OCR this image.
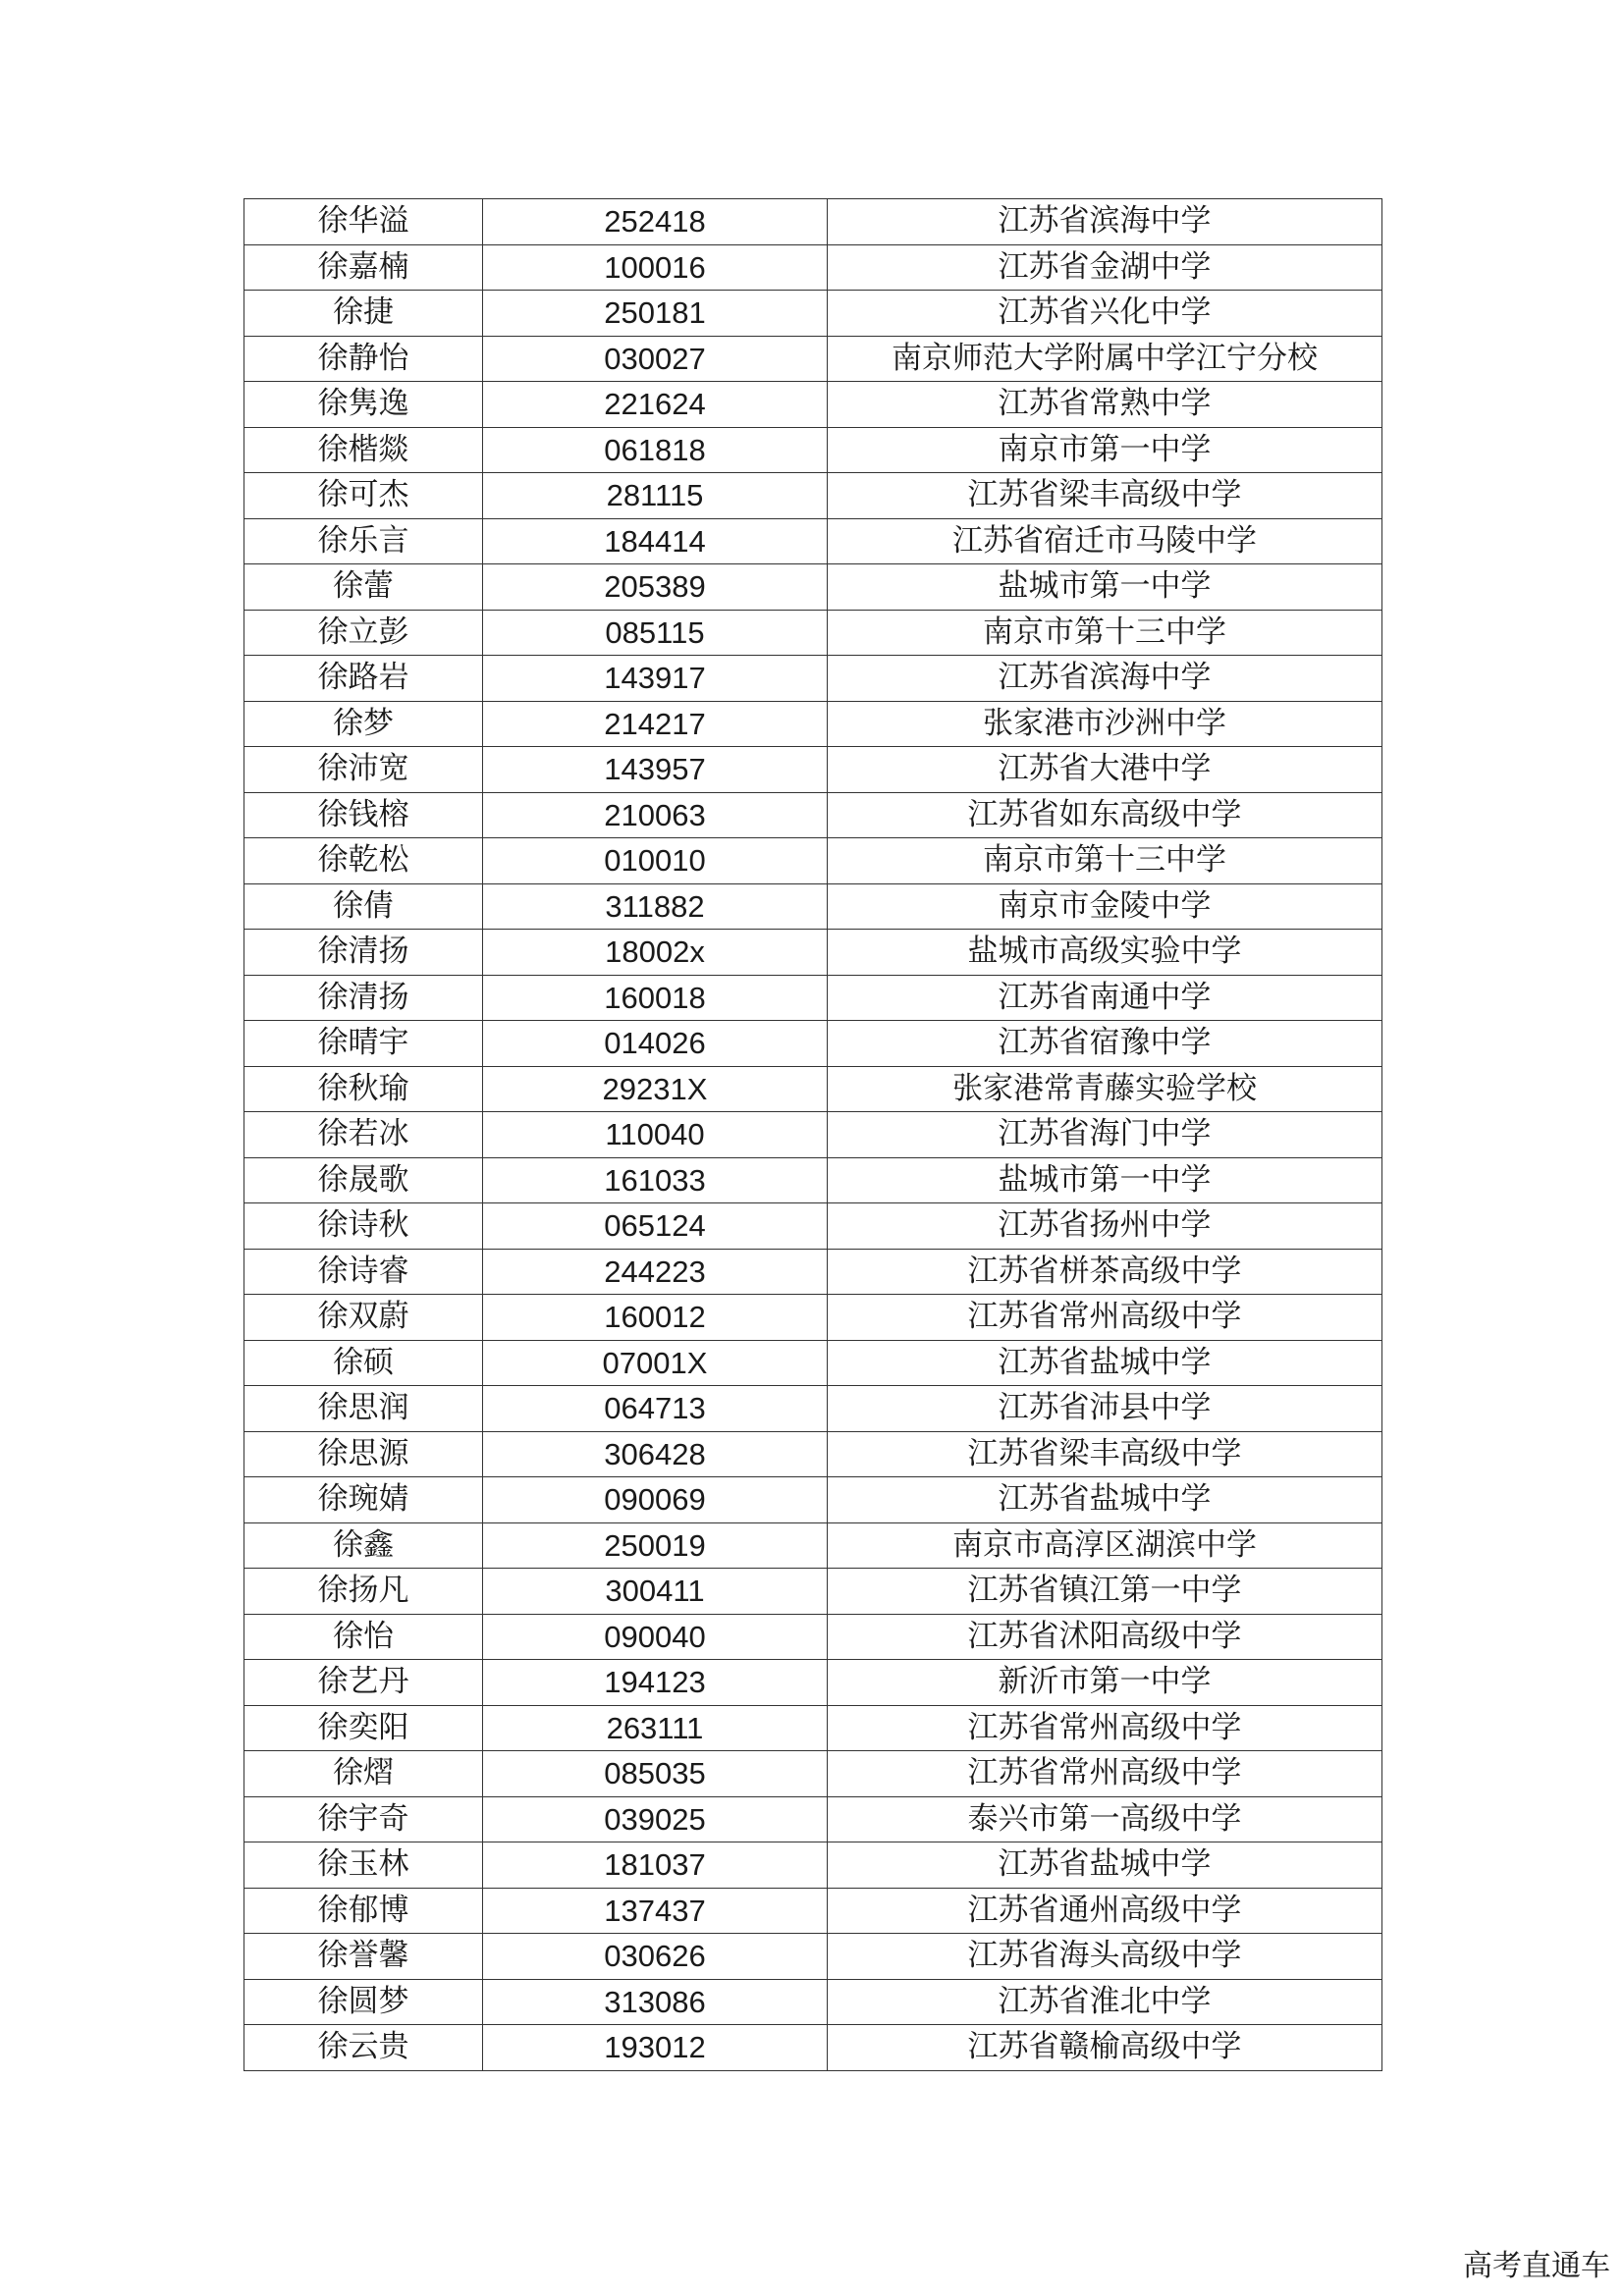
徐华溢	252418	江苏省滨海中学
徐嘉楠	100016	江苏省金湖中学
徐捷	250181	江苏省兴化中学
徐静怡	030027	南京师范大学附属中学江宁分校
徐隽逸	221624	江苏省常熟中学
徐楷燚	061818	南京市第一中学
徐可杰	281115	江苏省梁丰高级中学
徐乐言	184414	江苏省宿迁市马陵中学
徐蕾	205389	盐城市第一中学
徐立彭	085115	南京市第十三中学
徐路岩	143917	江苏省滨海中学
徐梦	214217	张家港市沙洲中学
徐沛宽	143957	江苏省大港中学
徐钱榕	210063	江苏省如东高级中学
徐乾松	010010	南京市第十三中学
徐倩	311882	南京市金陵中学
徐清扬	18002x	盐城市高级实验中学
徐清扬	160018	江苏省南通中学
徐晴宇	014026	江苏省宿豫中学
徐秋瑜	29231X	张家港常青藤实验学校
徐若冰	110040	江苏省海门中学
徐晟歌	161033	盐城市第一中学
徐诗秋	065124	江苏省扬州中学
徐诗睿	244223	江苏省栟茶高级中学
徐双蔚	160012	江苏省常州高级中学
徐硕	07001X	江苏省盐城中学
徐思润	064713	江苏省沛县中学
徐思源	306428	江苏省梁丰高级中学
徐琬婧	090069	江苏省盐城中学
徐鑫	250019	南京市高淳区湖滨中学
徐扬凡	300411	江苏省镇江第一中学
徐怡	090040	江苏省沭阳高级中学
徐艺丹	194123	新沂市第一中学
徐奕阳	263111	江苏省常州高级中学
徐熠	085035	江苏省常州高级中学
徐宇奇	039025	泰兴市第一高级中学
徐玉林	181037	江苏省盐城中学
徐郁博	137437	江苏省通州高级中学
徐誉馨	030626	江苏省海头高级中学
徐圆梦	313086	江苏省淮北中学
徐云贵	193012	江苏省赣榆高级中学
高考直通车
